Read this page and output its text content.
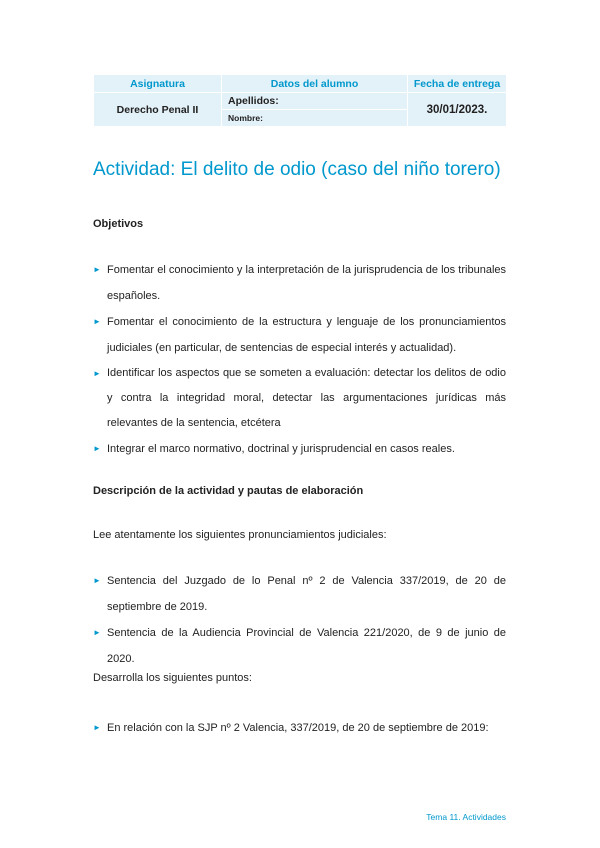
Asignatura	Datos del alumno	Fecha de entrega
Derecho Penal II	Apellidos:	30/01/2023.
	Nombre:	
Actividad: El delito de odio (caso del niño torero)
Objetivos
► Fomentar el conocimiento y la interpretación de la jurisprudencia de los tribunales españoles.
► Fomentar el conocimiento de la estructura y lenguaje de los pronunciamientos judiciales (en particular, de sentencias de especial interés y actualidad).
► Identificar los aspectos que se someten a evaluación: detectar los delitos de odio y contra la integridad moral, detectar las argumentaciones jurídicas más relevantes de la sentencia, etcétera
► Integrar el marco normativo, doctrinal y jurisprudencial en casos reales.
Descripción de la actividad y pautas de elaboración
Lee atentamente los siguientes pronunciamientos judiciales:
► Sentencia del Juzgado de lo Penal nº 2 de Valencia 337/2019, de 20 de septiembre de 2019.
► Sentencia de la Audiencia Provincial de Valencia 221/2020, de 9 de junio de 2020.
Desarrolla los siguientes puntos:
► En relación con la SJP nº 2 Valencia, 337/2019, de 20 de septiembre de 2019:
Tema 11. Actividades
